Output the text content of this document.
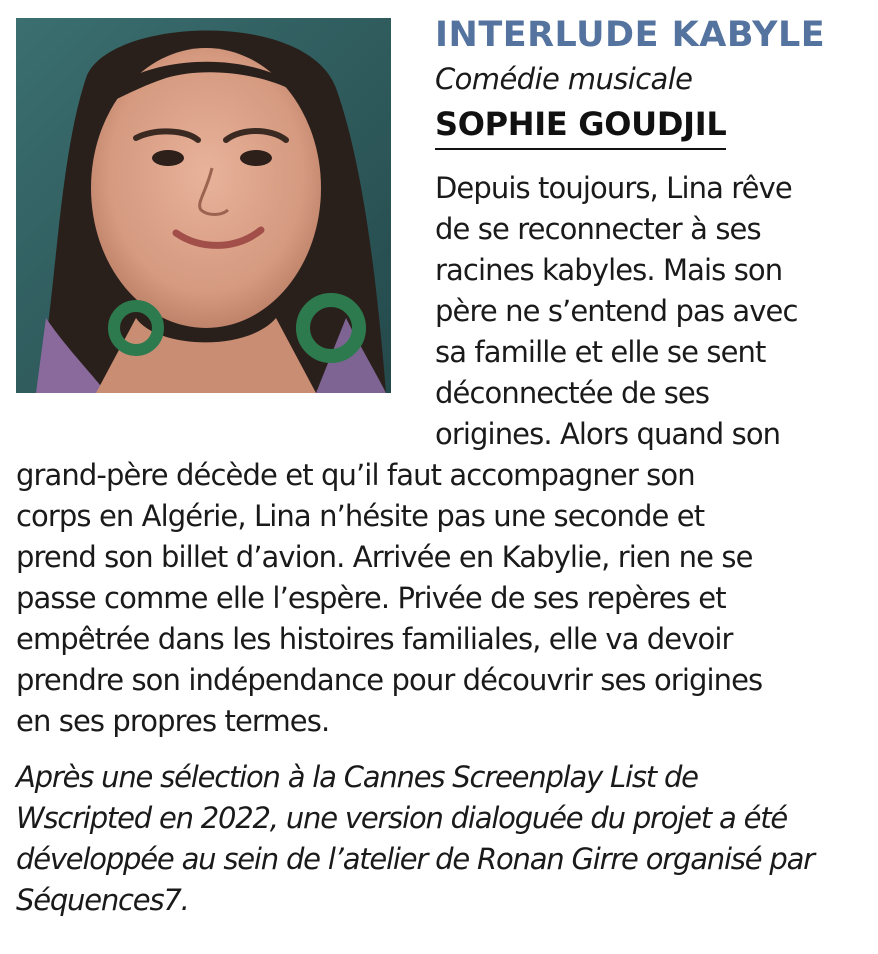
INTERLUDE KABYLE
Comédie musicale
SOPHIE GOUDJIL
Depuis toujours, Lina rêve
de se reconnecter à ses
racines kabyles. Mais son
père ne s’entend pas avec
sa famille et elle se sent
déconnectée de ses
origines. Alors quand son
grand-père décède et qu’il faut accompagner son
corps en Algérie, Lina n’hésite pas une seconde et
prend son billet d’avion. Arrivée en Kabylie, rien ne se
passe comme elle l’espère. Privée de ses repères et
empêtrée dans les histoires familiales, elle va devoir
prendre son indépendance pour découvrir ses origines
en ses propres termes.
Après une sélection à la Cannes Screenplay List de
Wscripted en 2022, une version dialoguée du projet a été
développée au sein de l’atelier de Ronan Girre organisé par
Séquences7.
